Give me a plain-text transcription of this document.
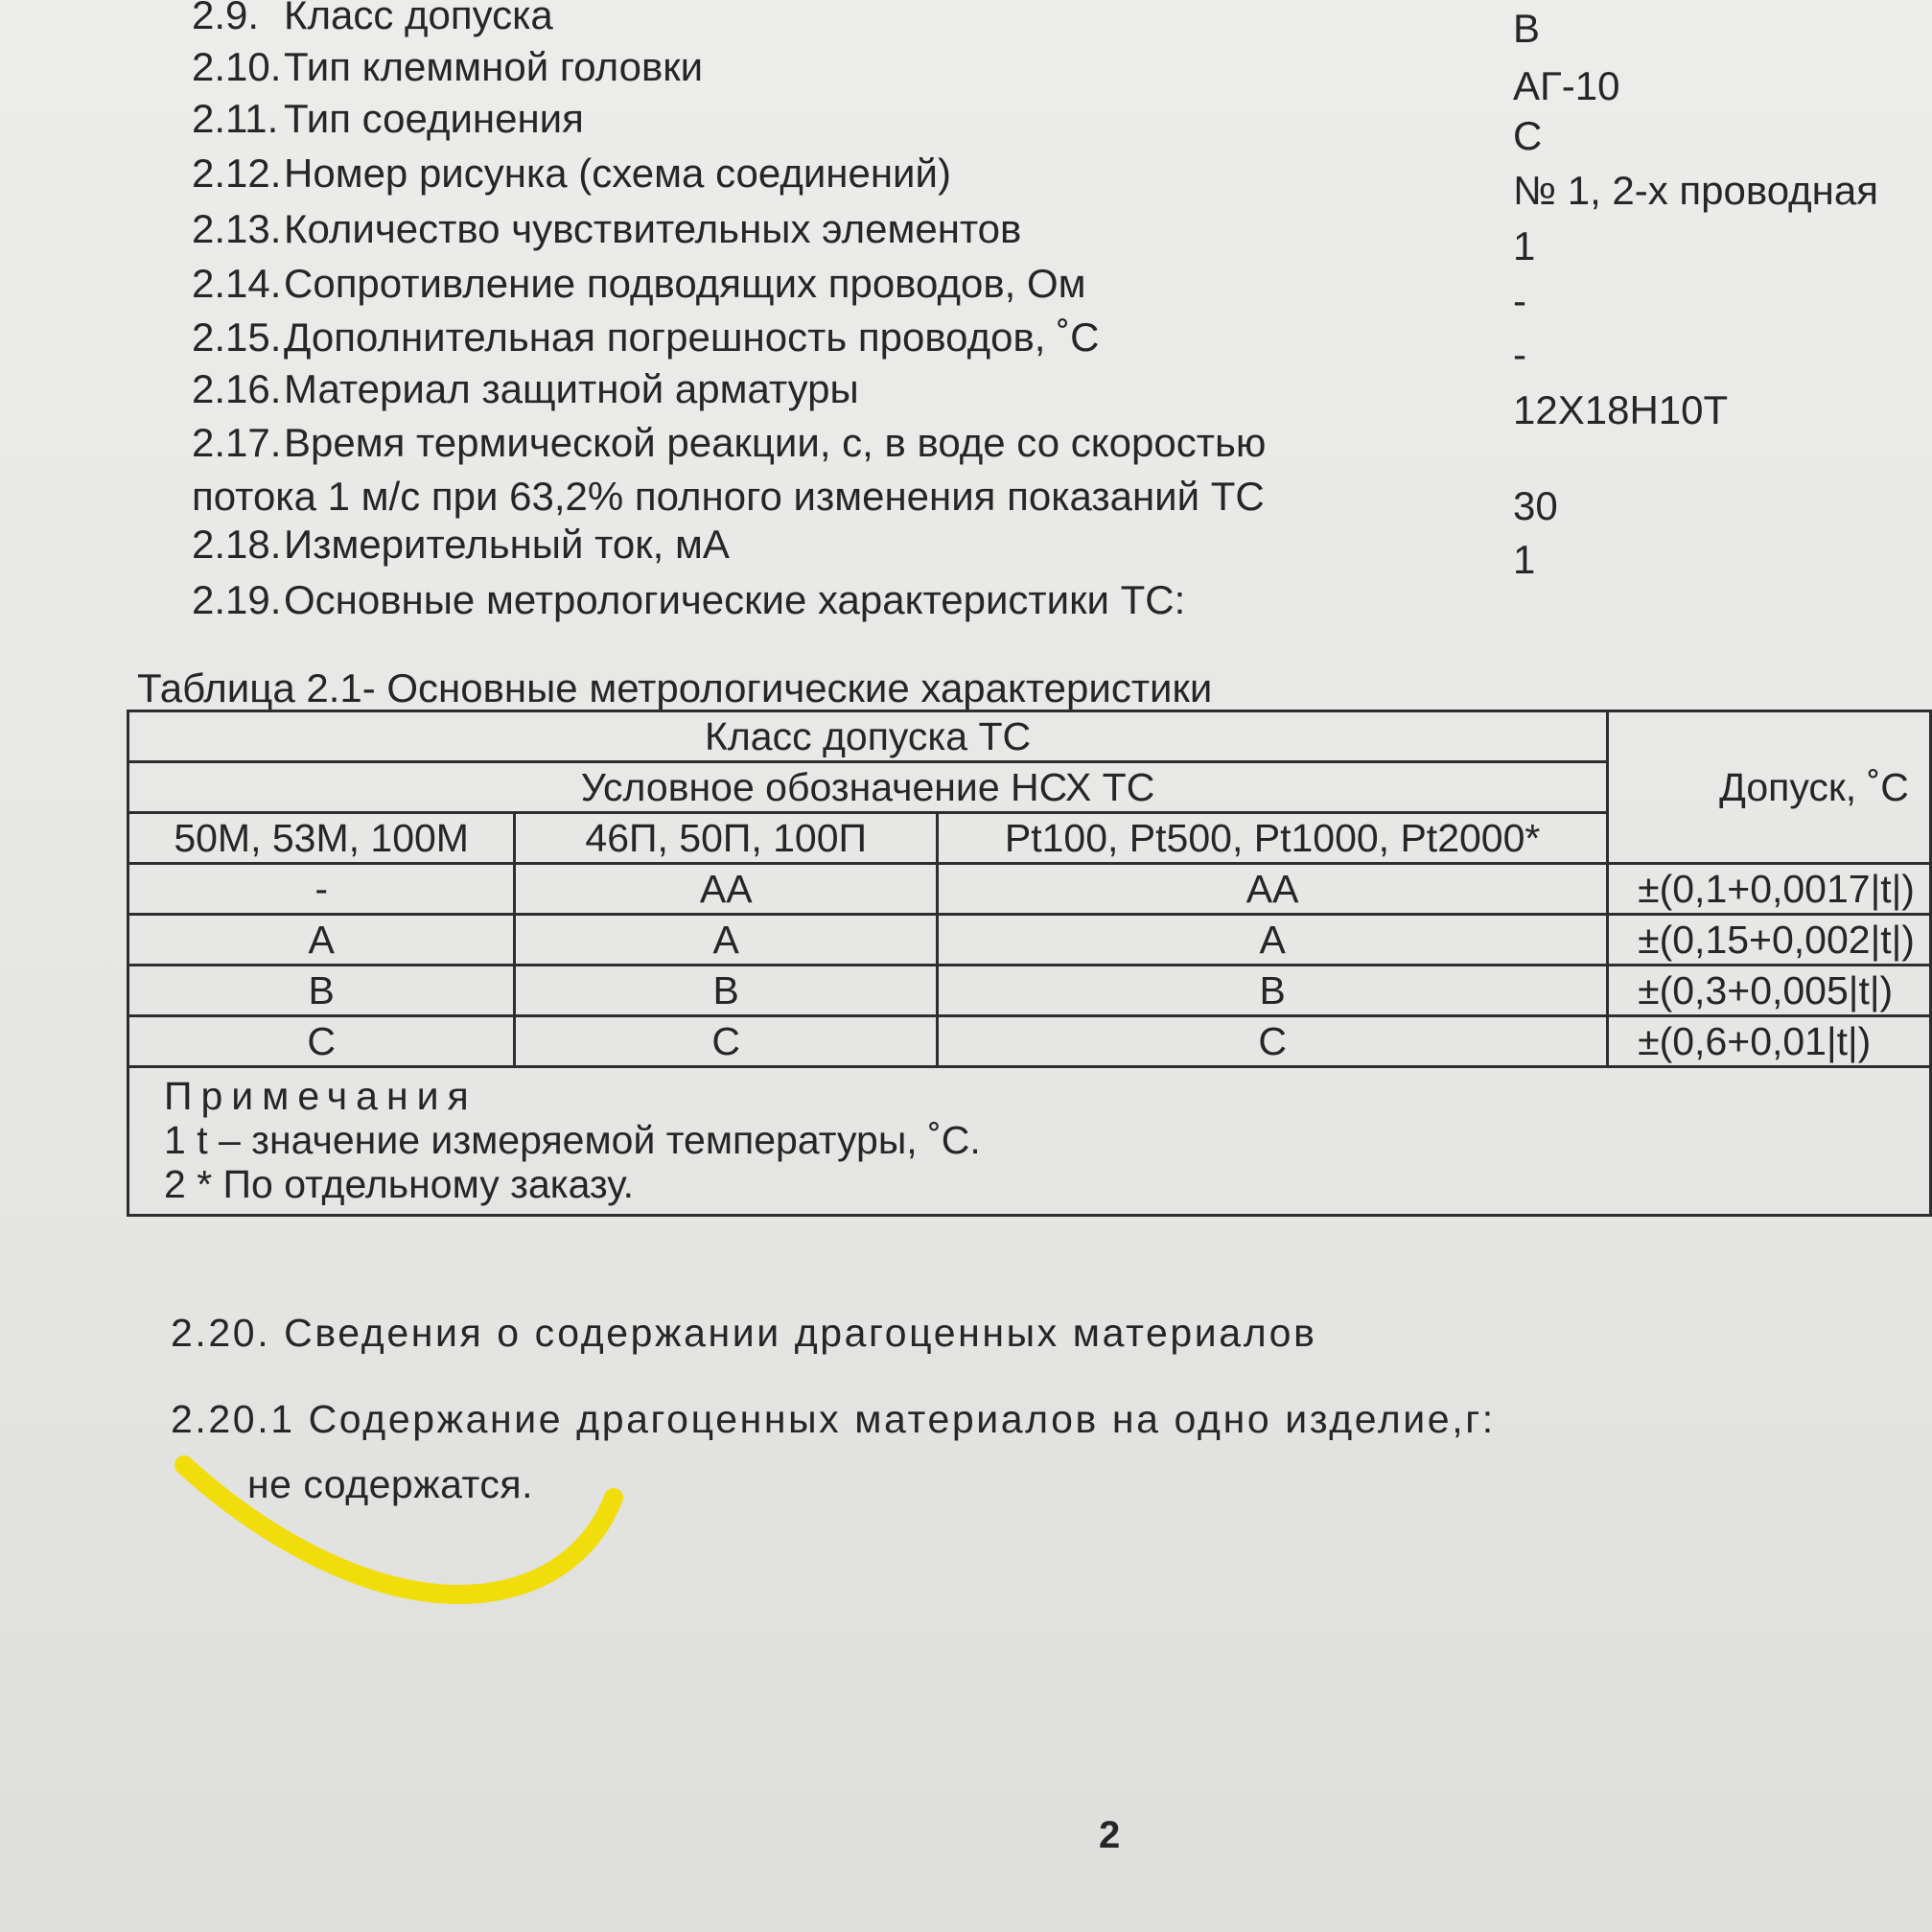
2.9. Класс допуска	В
2.10.Тип клеммной головки	АГ-10
2.11. Тип соединения	С
2.12.Номер рисунка (схема соединений)	№ 1, 2-х проводная
2.13.Количество чувствительных элементов	1
2.14.Сопротивление подводящих проводов, Ом	-
2.15.Дополнительная погрешность проводов, ˚С	-
2.16.Материал защитной арматуры	12Х18Н10Т
2.17.Время термической реакции, с, в воде со скоростью
потока 1 м/с при 63,2% полного изменения показаний ТС	30
2.18.Измерительный ток, мА	1
2.19.Основные метрологические характеристики ТС:
Таблица 2.1- Основные метрологические характеристики
Класс допуска ТС			Допуск, ˚С
Условное обозначение НСХ ТС			
50М, 53М, 100М	46П, 50П, 100П	Pt100, Pt500, Pt1000, Pt2000*	
-	АА	АА	±(0,1+0,0017|t|)
А	А	А	±(0,15+0,002|t|)
В	В	В	±(0,3+0,005|t|)
С	С	С	±(0,6+0,01|t|)

Примечания
1 t – значение измеряемой температуры, ˚С.
2 * По отдельному заказу.			
2.20. Сведения о содержании драгоценных материалов
2.20.1 Содержание драгоценных материалов на одно изделие,г:
не содержатся.
2
